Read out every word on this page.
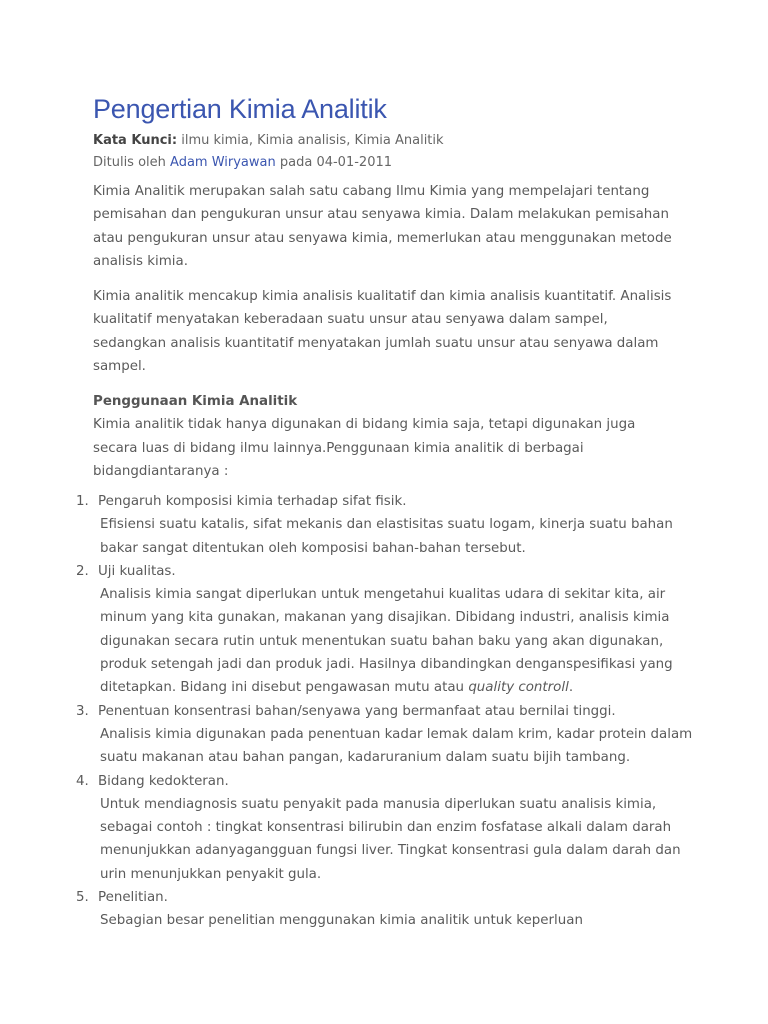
Pengertian Kimia Analitik
Kata Kunci: ilmu kimia, Kimia analisis, Kimia Analitik
Ditulis oleh Adam Wiryawan pada 04-01-2011

Kimia Analitik merupakan salah satu cabang Ilmu Kimia yang mempelajari tentang pemisahan dan pengukuran unsur atau senyawa kimia. Dalam melakukan pemisahan atau pengukuran unsur atau senyawa kimia, memerlukan atau menggunakan metode analisis kimia.

Kimia analitik mencakup kimia analisis kualitatif dan kimia analisis kuantitatif. Analisis kualitatif menyatakan keberadaan suatu unsur atau senyawa dalam sampel, sedangkan analisis kuantitatif menyatakan jumlah suatu unsur atau senyawa dalam sampel.

Penggunaan Kimia Analitik

Kimia analitik tidak hanya digunakan di bidang kimia saja, tetapi digunakan juga secara luas di bidang ilmu lainnya.Penggunaan kimia analitik di berbagai bidangdiantaranya :

1. Pengaruh komposisi kimia terhadap sifat fisik.
Efisiensi suatu katalis, sifat mekanis dan elastisitas suatu logam, kinerja suatu bahan bakar sangat ditentukan oleh komposisi bahan-bahan tersebut.
2. Uji kualitas.
Analisis kimia sangat diperlukan untuk mengetahui kualitas udara di sekitar kita, air minum yang kita gunakan, makanan yang disajikan. Dibidang industri, analisis kimia digunakan secara rutin untuk menentukan suatu bahan baku yang akan digunakan, produk setengah jadi dan produk jadi. Hasilnya dibandingkan denganspesifikasi yang ditetapkan. Bidang ini disebut pengawasan mutu atau quality controll.
3. Penentuan konsentrasi bahan/senyawa yang bermanfaat atau bernilai tinggi.
Analisis kimia digunakan pada penentuan kadar lemak dalam krim, kadar protein dalam suatu makanan atau bahan pangan, kadaruranium dalam suatu bijih tambang.
4. Bidang kedokteran.
Untuk mendiagnosis suatu penyakit pada manusia diperlukan suatu analisis kimia, sebagai contoh : tingkat konsentrasi bilirubin dan enzim fosfatase alkali dalam darah menunjukkan adanyagangguan fungsi liver. Tingkat konsentrasi gula dalam darah dan urin menunjukkan penyakit gula.
5. Penelitian.
Sebagian besar penelitian menggunakan kimia analitik untuk keperluan
